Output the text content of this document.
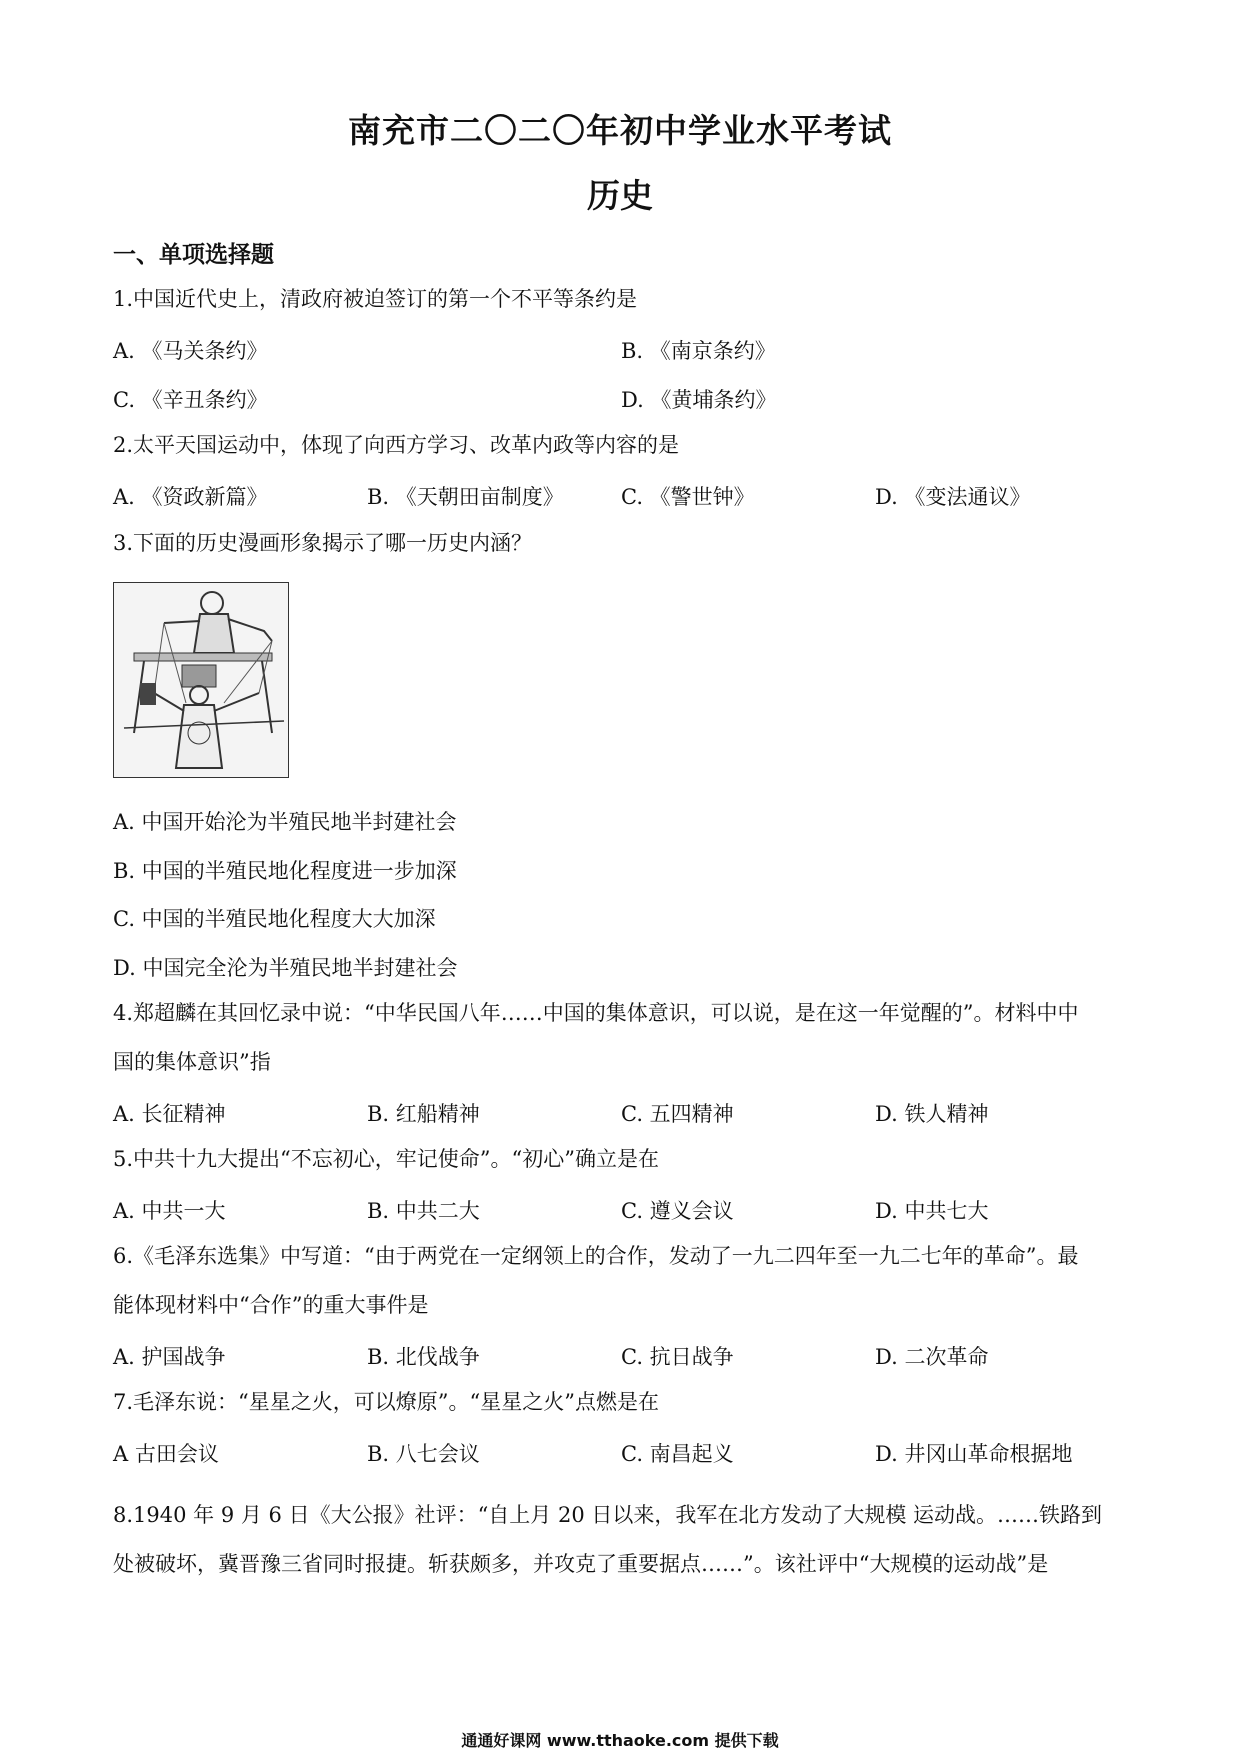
南充市二〇二〇年初中学业水平考试
历史
一、单项选择题
1.中国近代史上，清政府被迫签订的第一个不平等条约是
A. 《马关条约》	B. 《南京条约》
C. 《辛丑条约》	D. 《黄埔条约》
2.太平天国运动中，体现了向西方学习、改革内政等内容的是
A. 《资政新篇》	B. 《天朝田亩制度》	C. 《警世钟》	D. 《变法通议》
3.下面的历史漫画形象揭示了哪一历史内涵？
A. 中国开始沦为半殖民地半封建社会
B. 中国的半殖民地化程度进一步加深
C. 中国的半殖民地化程度大大加深
D. 中国完全沦为半殖民地半封建社会
4.郑超麟在其回忆录中说：“中华民国八年……中国的集体意识，可以说，是在这一年觉醒的”。材料中中
国的集体意识”指
A. 长征精神	B. 红船精神	C. 五四精神	D. 铁人精神
5.中共十九大提出“不忘初心，牢记使命”。“初心”确立是在
A. 中共一大	B. 中共二大	C. 遵义会议	D. 中共七大
6.《毛泽东选集》中写道：“由于两党在一定纲领上的合作，发动了一九二四年至一九二七年的革命”。最
能体现材料中“合作”的重大事件是
A. 护国战争	B. 北伐战争	C. 抗日战争	D. 二次革命
7.毛泽东说：“星星之火，可以燎原”。“星星之火”点燃是在
A 古田会议	B. 八七会议	C. 南昌起义	D. 井冈山革命根据地
8.1940 年 9 月 6 日《大公报》社评：“自上月 20 日以来，我军在北方发动了大规模 运动战。……铁路到
处被破坏，冀晋豫三省同时报捷。斩获颇多，并攻克了重要据点……”。该社评中“大规模的运动战”是
通通好课网 www.tthaoke.com 提供下载
